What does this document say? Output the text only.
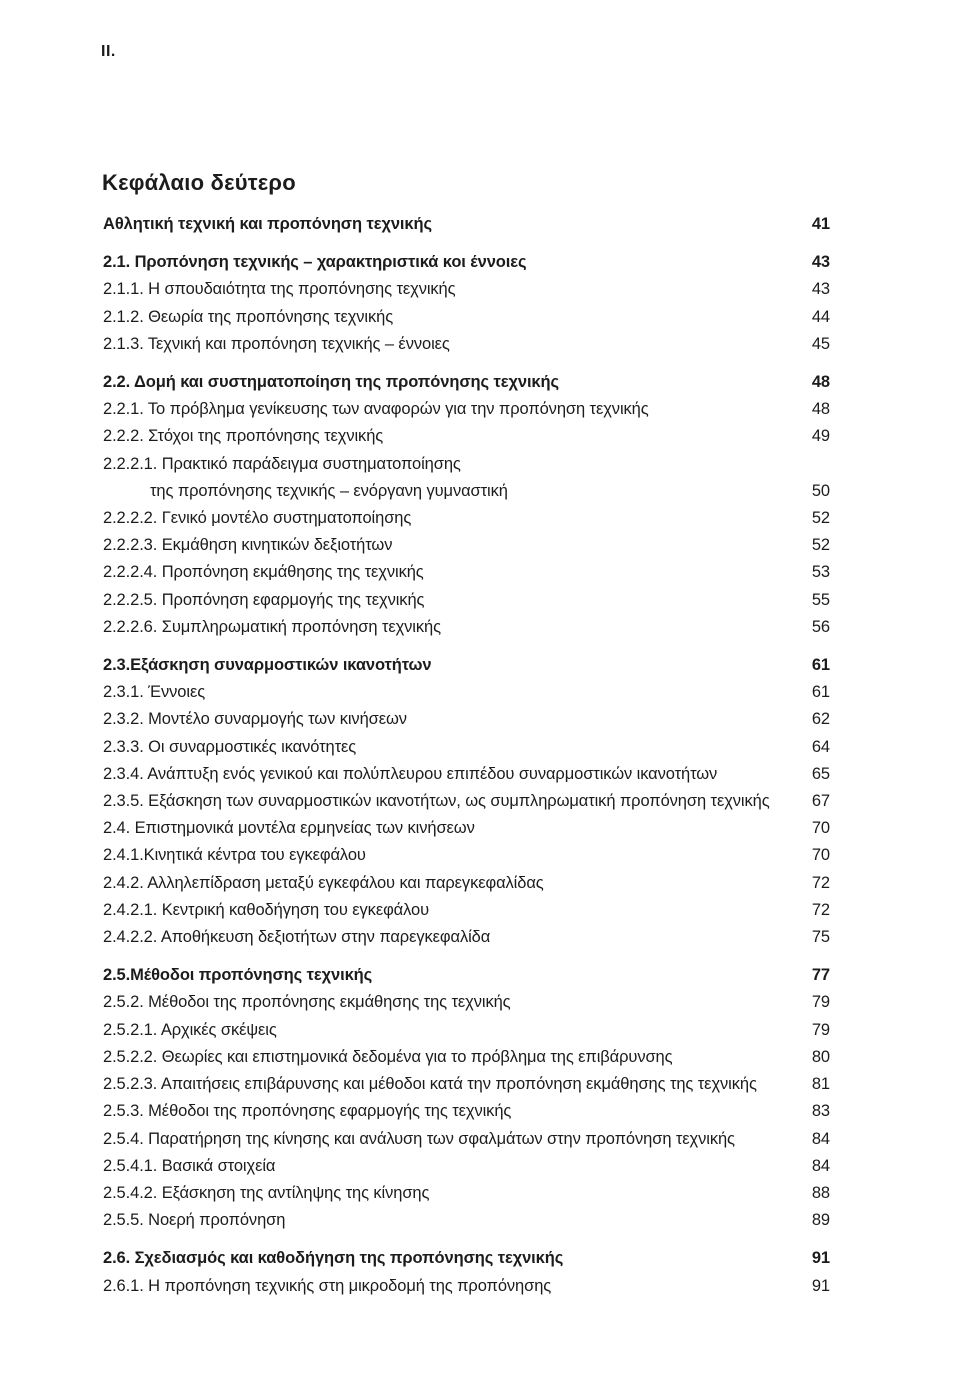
ΙΙ.
Κεφάλαιο δεύτερο
Αθλητική τεχνική και προπόνηση τεχνικής	41
2.1. Προπόνηση τεχνικής – χαρακτηριστικά κοι έννοιες	43
2.1.1. Η σπουδαιότητα της προπόνησης τεχνικής	43
2.1.2. Θεωρία της προπόνησης τεχνικής	44
2.1.3. Τεχνική και προπόνηση τεχνικής – έννοιες	45
2.2. Δομή και συστηματοποίηση της προπόνησης τεχνικής	48
2.2.1. Το πρόβλημα γενίκευσης των αναφορών για την προπόνηση τεχνικής	48
2.2.2. Στόχοι της προπόνησης τεχνικής	49
2.2.2.1. Πρακτικό παράδειγμα συστηματοποίησης
της προπόνησης τεχνικής – ενόργανη γυμναστική	50
2.2.2.2. Γενικό μοντέλο συστηματοποίησης	52
2.2.2.3. Εκμάθηση κινητικών δεξιοτήτων	52
2.2.2.4. Προπόνηση εκμάθησης της τεχνικής	53
2.2.2.5. Προπόνηση εφαρμογής της τεχνικής	55
2.2.2.6. Συμπληρωματική προπόνηση τεχνικής	56
2.3.Εξάσκηση συναρμοστικών ικανοτήτων	61
2.3.1. Έννοιες	61
2.3.2. Μοντέλο συναρμογής των κινήσεων	62
2.3.3. Οι συναρμοστικές ικανότητες	64
2.3.4. Ανάπτυξη ενός γενικού και πολύπλευρου επιπέδου συναρμοστικών ικανοτήτων	65
2.3.5. Εξάσκηση των συναρμοστικών ικανοτήτων, ως συμπληρωματική προπόνηση τεχνικής	67
2.4. Επιστημονικά μοντέλα ερμηνείας των κινήσεων	70
2.4.1.Κινητικά κέντρα του εγκεφάλου	70
2.4.2. Αλληλεπίδραση μεταξύ εγκεφάλου και παρεγκεφαλίδας	72
2.4.2.1. Κεντρική καθοδήγηση του εγκεφάλου	72
2.4.2.2. Αποθήκευση δεξιοτήτων στην παρεγκεφαλίδα	75
2.5.Μέθοδοι προπόνησης τεχνικής	77
2.5.2. Μέθοδοι της προπόνησης εκμάθησης της τεχνικής	79
2.5.2.1. Αρχικές σκέψεις	79
2.5.2.2. Θεωρίες και επιστημονικά δεδομένα για το πρόβλημα της επιβάρυνσης	80
2.5.2.3. Απαιτήσεις επιβάρυνσης και μέθοδοι κατά την προπόνηση εκμάθησης της τεχνικής	81
2.5.3. Μέθοδοι της προπόνησης εφαρμογής της τεχνικής	83
2.5.4. Παρατήρηση της κίνησης και ανάλυση των σφαλμάτων στην προπόνηση τεχνικής	84
2.5.4.1. Βασικά στοιχεία	84
2.5.4.2. Εξάσκηση της αντίληψης της κίνησης	88
2.5.5. Νοερή προπόνηση	89
2.6. Σχεδιασμός και καθοδήγηση της προπόνησης τεχνικής	91
2.6.1. Η προπόνηση τεχνικής στη μικροδομή της προπόνησης	91
